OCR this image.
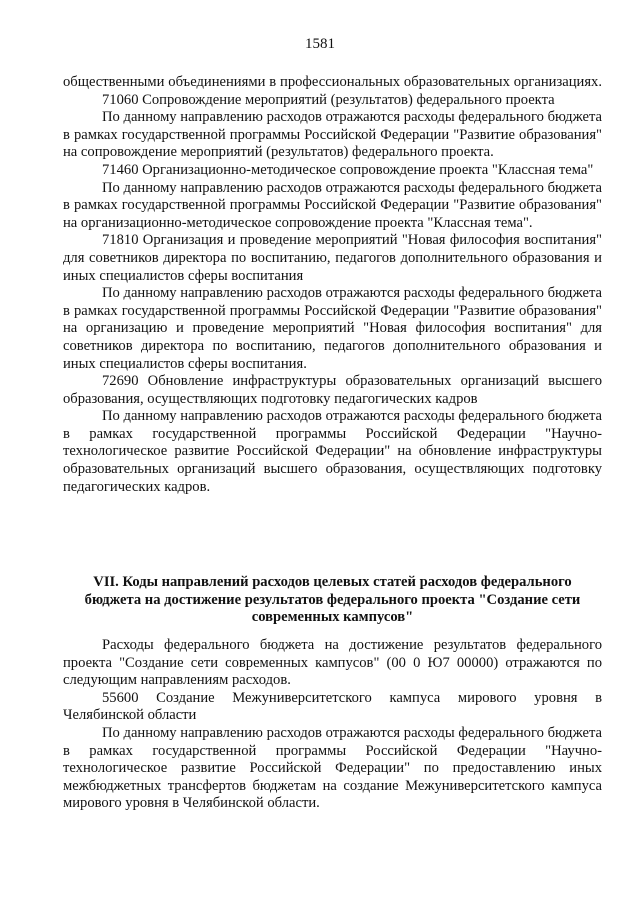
1581

общественными объединениями в профессиональных образовательных организациях.

71060 Сопровождение мероприятий (результатов) федерального проекта

По данному направлению расходов отражаются расходы федерального бюджета в рамках государственной программы Российской Федерации "Развитие образования" на сопровождение мероприятий (результатов) федерального проекта.

71460 Организационно-методическое сопровождение проекта "Классная тема"

По данному направлению расходов отражаются расходы федерального бюджета в рамках государственной программы Российской Федерации "Развитие образования" на организационно-методическое сопровождение проекта "Классная тема".

71810 Организация и проведение мероприятий "Новая философия воспитания" для советников директора по воспитанию, педагогов дополнительного образования и иных специалистов сферы воспитания

По данному направлению расходов отражаются расходы федерального бюджета в рамках государственной программы Российской Федерации "Развитие образования" на организацию и проведение мероприятий "Новая философия воспитания" для советников директора по воспитанию, педагогов дополнительного образования и иных специалистов сферы воспитания.

72690 Обновление инфраструктуры образовательных организаций высшего образования, осуществляющих подготовку педагогических кадров

По данному направлению расходов отражаются расходы федерального бюджета в рамках государственной программы Российской Федерации "Научно-технологическое развитие Российской Федерации" на обновление инфраструктуры образовательных организаций высшего образования, осуществляющих подготовку педагогических кадров.

VII. Коды направлений расходов целевых статей расходов федерального
бюджета на достижение результатов федерального проекта "Создание сети
современных кампусов"

Расходы федерального бюджета на достижение результатов федерального проекта "Создание сети современных кампусов" (00 0 Ю7 00000) отражаются по следующим направлениям расходов.

55600 Создание Межуниверситетского кампуса мирового уровня в Челябинской области

По данному направлению расходов отражаются расходы федерального бюджета в рамках государственной программы Российской Федерации "Научно-технологическое развитие Российской Федерации" по предоставлению иных межбюджетных трансфертов бюджетам на создание Межуниверситетского кампуса мирового уровня в Челябинской области.
